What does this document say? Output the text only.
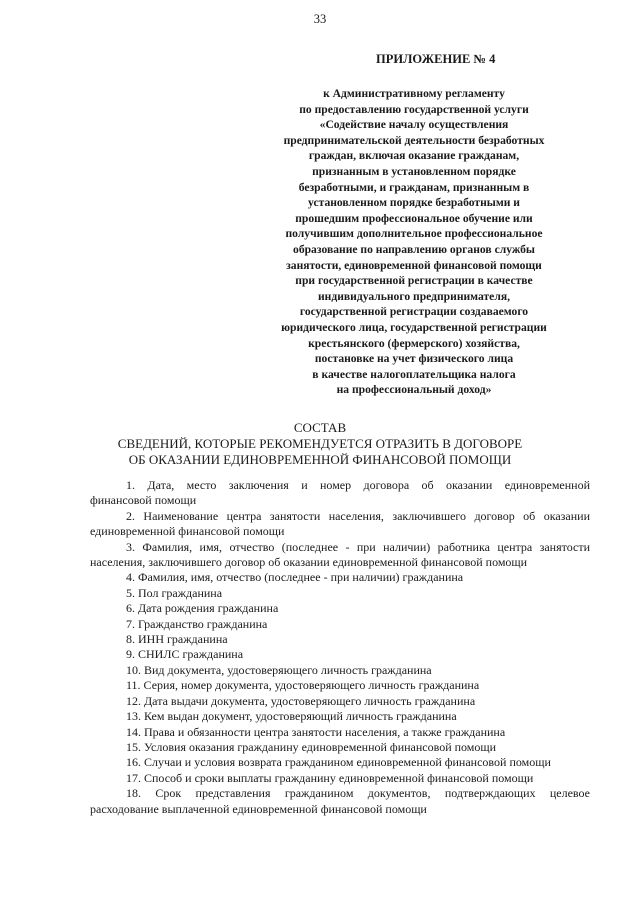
33
ПРИЛОЖЕНИЕ № 4
к Административному регламенту
по предоставлению государственной услуги
«Содействие началу осуществления
предпринимательской деятельности безработных
граждан, включая оказание гражданам,
признанным в установленном порядке
безработными, и гражданам, признанным в
установленном порядке безработными и
прошедшим профессиональное обучение или
получившим дополнительное профессиональное
образование по направлению органов службы
занятости, единовременной финансовой помощи
при государственной регистрации в качестве
индивидуального предпринимателя,
государственной регистрации создаваемого
юридического лица, государственной регистрации
крестьянского (фермерского) хозяйства,
постановке на учет физического лица
в качестве налогоплательщика налога
на профессиональный доход»
СОСТАВ
СВЕДЕНИЙ, КОТОРЫЕ РЕКОМЕНДУЕТСЯ ОТРАЗИТЬ В ДОГОВОРЕ
ОБ ОКАЗАНИИ ЕДИНОВРЕМЕННОЙ ФИНАНСОВОЙ ПОМОЩИ
1. Дата, место заключения и номер договора об оказании единовременной
финансовой помощи
2. Наименование центра занятости населения, заключившего договор об оказании
единовременной финансовой помощи
3. Фамилия, имя, отчество (последнее - при наличии) работника центра занятости
населения, заключившего договор об оказании единовременной финансовой помощи
4. Фамилия, имя, отчество (последнее - при наличии) гражданина
5. Пол гражданина
6. Дата рождения гражданина
7. Гражданство гражданина
8. ИНН гражданина
9. СНИЛС гражданина
10. Вид документа, удостоверяющего личность гражданина
11. Серия, номер документа, удостоверяющего личность гражданина
12. Дата выдачи документа, удостоверяющего личность гражданина
13. Кем выдан документ, удостоверяющий личность гражданина
14. Права и обязанности центра занятости населения, а также гражданина
15. Условия оказания гражданину единовременной финансовой помощи
16. Случаи и условия возврата гражданином единовременной финансовой помощи
17. Способ и сроки выплаты гражданину единовременной финансовой помощи
18. Срок представления гражданином документов, подтверждающих целевое
расходование выплаченной единовременной финансовой помощи
